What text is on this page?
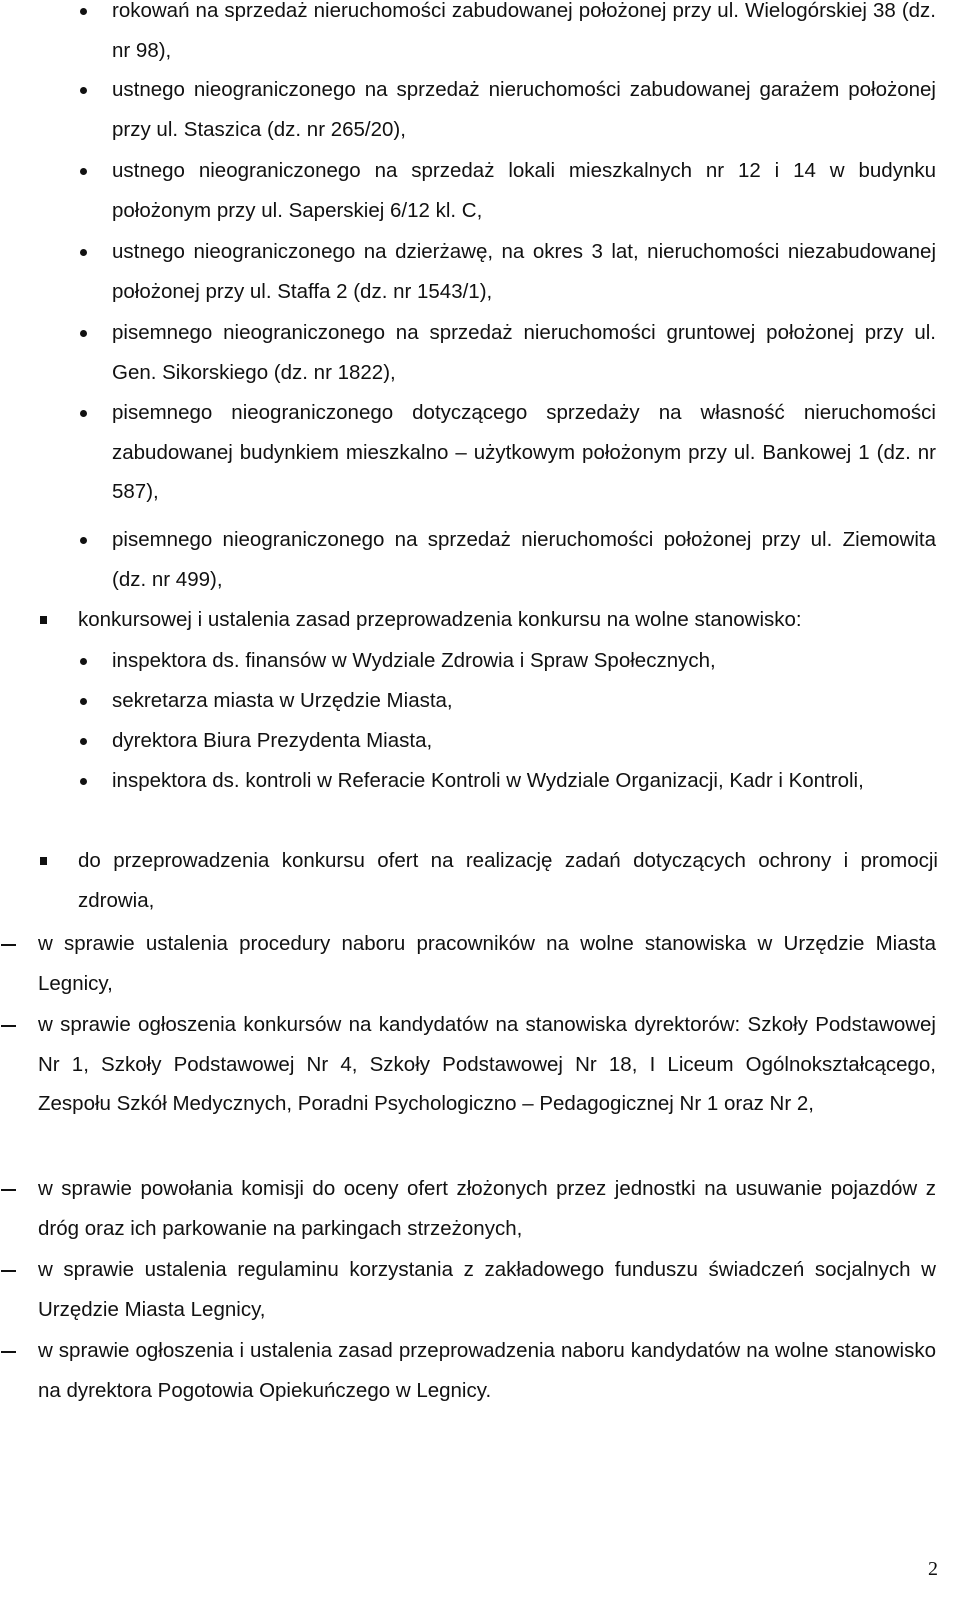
rokowań na sprzedaż nieruchomości zabudowanej położonej przy ul. Wielogórskiej 38 (dz. nr 98),

ustnego nieograniczonego na sprzedaż nieruchomości zabudowanej garażem położonej przy ul. Staszica (dz. nr 265/20),

ustnego nieograniczonego na sprzedaż lokali mieszkalnych nr 12 i 14 w budynku położonym przy ul. Saperskiej 6/12 kl. C,

ustnego nieograniczonego na dzierżawę, na okres 3 lat, nieruchomości niezabudowanej położonej przy ul. Staffa 2 (dz. nr 1543/1),

pisemnego nieograniczonego na sprzedaż nieruchomości gruntowej położonej przy ul. Gen. Sikorskiego (dz. nr 1822),

pisemnego nieograniczonego dotyczącego sprzedaży na własność nieruchomości zabudowanej budynkiem mieszkalno – użytkowym położonym przy ul. Bankowej 1 (dz. nr 587),

pisemnego nieograniczonego na sprzedaż nieruchomości położonej przy ul. Ziemowita (dz. nr 499),

konkursowej i ustalenia zasad przeprowadzenia konkursu na wolne stanowisko:

inspektora ds. finansów w Wydziale Zdrowia i Spraw Społecznych,

sekretarza miasta w Urzędzie Miasta,

dyrektora Biura Prezydenta Miasta,

inspektora ds. kontroli w Referacie Kontroli w Wydziale Organizacji, Kadr i Kontroli,

do przeprowadzenia konkursu ofert na realizację zadań dotyczących ochrony i promocji zdrowia,

w sprawie ustalenia procedury naboru pracowników na wolne stanowiska w Urzędzie Miasta Legnicy,

w sprawie ogłoszenia konkursów na kandydatów na stanowiska dyrektorów: Szkoły Podstawowej Nr 1, Szkoły Podstawowej Nr 4, Szkoły Podstawowej Nr 18, I Liceum Ogólnokształcącego, Zespołu Szkół Medycznych, Poradni Psychologiczno – Pedagogicznej Nr 1 oraz Nr 2,

w sprawie powołania komisji do oceny ofert złożonych przez jednostki na usuwanie pojazdów z dróg oraz ich parkowanie na parkingach strzeżonych,

w sprawie ustalenia regulaminu korzystania z zakładowego funduszu świadczeń socjalnych w Urzędzie Miasta Legnicy,

w sprawie ogłoszenia i ustalenia zasad przeprowadzenia naboru kandydatów na wolne stanowisko na dyrektora Pogotowia Opiekuńczego w Legnicy.

2
